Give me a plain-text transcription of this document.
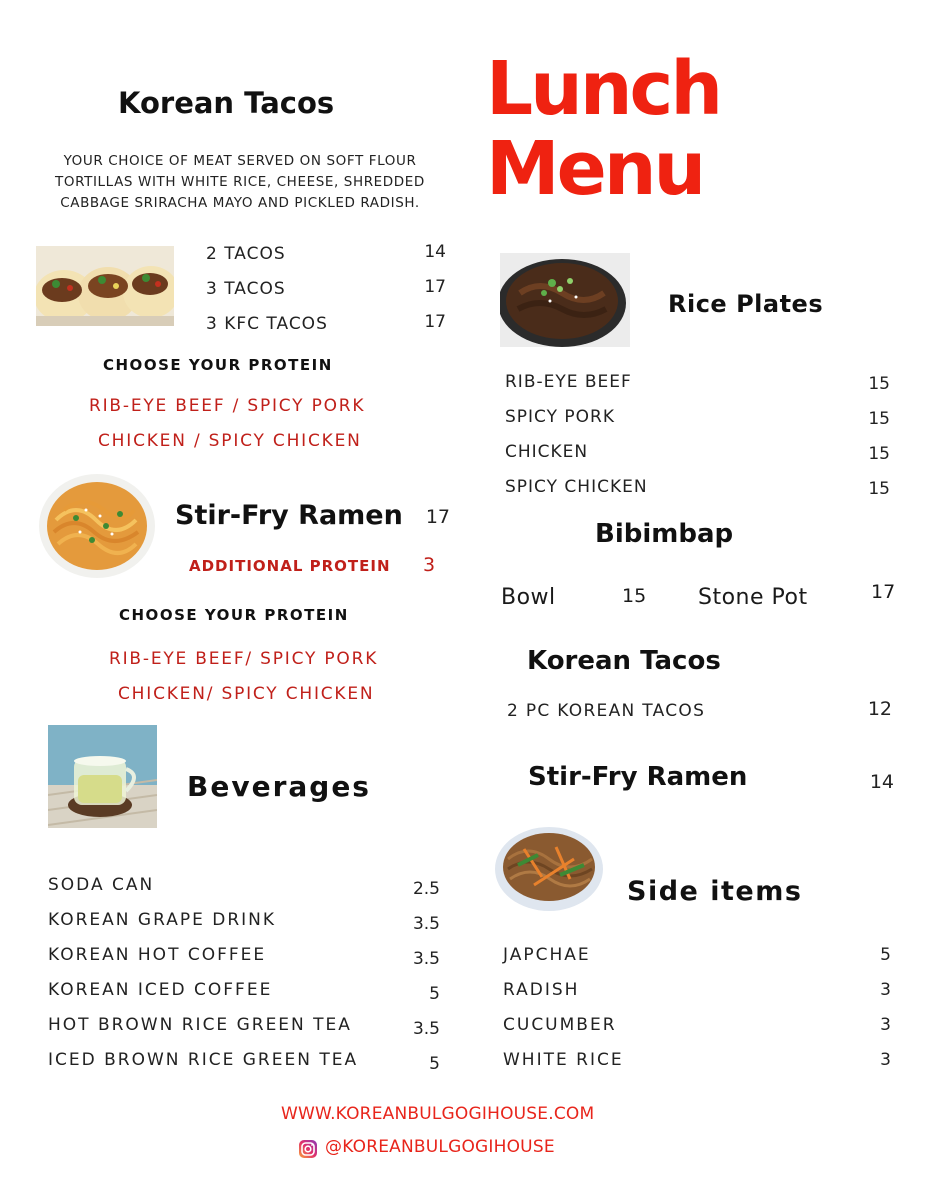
Lunch
Menu
Korean Tacos
YOUR CHOICE OF MEAT SERVED ON SOFT FLOUR TORTILLAS WITH WHITE RICE, CHEESE, SHREDDED CABBAGE SRIRACHA MAYO AND PICKLED RADISH.
2 TACOS	14
3 TACOS	17
3 KFC TACOS	17
CHOOSE YOUR PROTEIN
RIB-EYE BEEF / SPICY PORK
CHICKEN / SPICY CHICKEN
Stir-Fry Ramen	17
ADDITIONAL PROTEIN 3
CHOOSE YOUR PROTEIN
RIB-EYE BEEF/ SPICY PORK
CHICKEN/ SPICY CHICKEN
Beverages
SODA CAN	2.5
KOREAN GRAPE DRINK	3.5
KOREAN HOT COFFEE	3.5
KOREAN ICED COFFEE	5
HOT BROWN RICE GREEN TEA	3.5
ICED BROWN RICE GREEN TEA	5
Rice Plates
RIB-EYE BEEF	15
SPICY PORK	15
CHICKEN	15
SPICY CHICKEN	15
Bibimbap
Bowl	15 Stone Pot	17
Korean Tacos
2 PC KOREAN TACOS	12
Stir-Fry Ramen	14
Side items
JAPCHAE	5
RADISH	3
CUCUMBER	3
WHITE RICE	3
WWW.KOREANBULGOGIHOUSE.COM
@KOREANBULGOGIHOUSE
